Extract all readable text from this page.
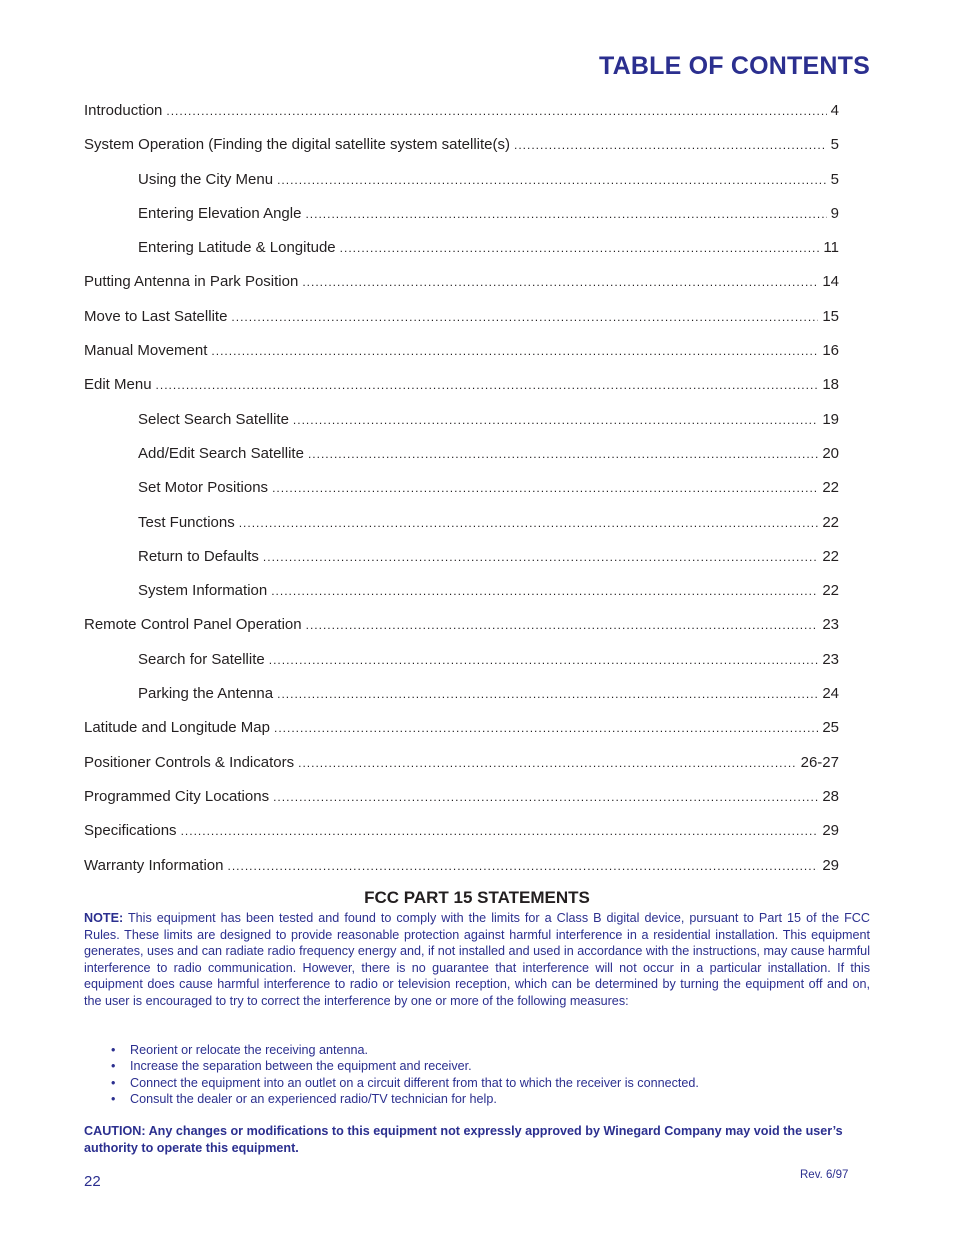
TABLE OF CONTENTS
Introduction .....	4
System Operation (Finding the digital satellite system satellite(s) .....	5
Using the City Menu .....	5
Entering Elevation Angle .....	9
Entering Latitude & Longitude .....	11
Putting Antenna in Park Position .....	14
Move to Last Satellite .....	15
Manual Movement .....	16
Edit Menu .....	18
Select Search Satellite .....	19
Add/Edit Search Satellite .....	20
Set Motor Positions .....	22
Test Functions .....	22
Return to Defaults .....	22
System Information .....	22
Remote Control Panel Operation .....	23
Search for Satellite .....	23
Parking the Antenna .....	24
Latitude and Longitude Map .....	25
Positioner Controls & Indicators .....	26-27
Programmed City Locations .....	28
Specifications .....	29
Warranty Information .....	29
FCC PART 15 STATEMENTS
NOTE: This equipment has been tested and found to comply with the limits for a Class B digital device, pursuant to Part 15 of the FCC Rules. These limits are designed to provide reasonable protection against harmful interference in a residential installation. This equipment generates, uses and can radiate radio frequency energy and, if not installed and used in accordance with the instructions, may cause harmful interference to radio communication. However, there is no guarantee that interference will not occur in a particular installation. If this equipment does cause harmful interference to radio or television reception, which can be determined by turning the equipment off and on, the user is encouraged to try to correct the interference by one or more of the following measures:
• Reorient or relocate the receiving antenna.
• Increase the separation between the equipment and receiver.
• Connect the equipment into an outlet on a circuit different from that to which the receiver is connected.
• Consult the dealer or an experienced radio/TV technician for help.
CAUTION: Any changes or modifications to this equipment not expressly approved by Winegard Company may void the user’s authority to operate this equipment.
22	Rev. 6/97
